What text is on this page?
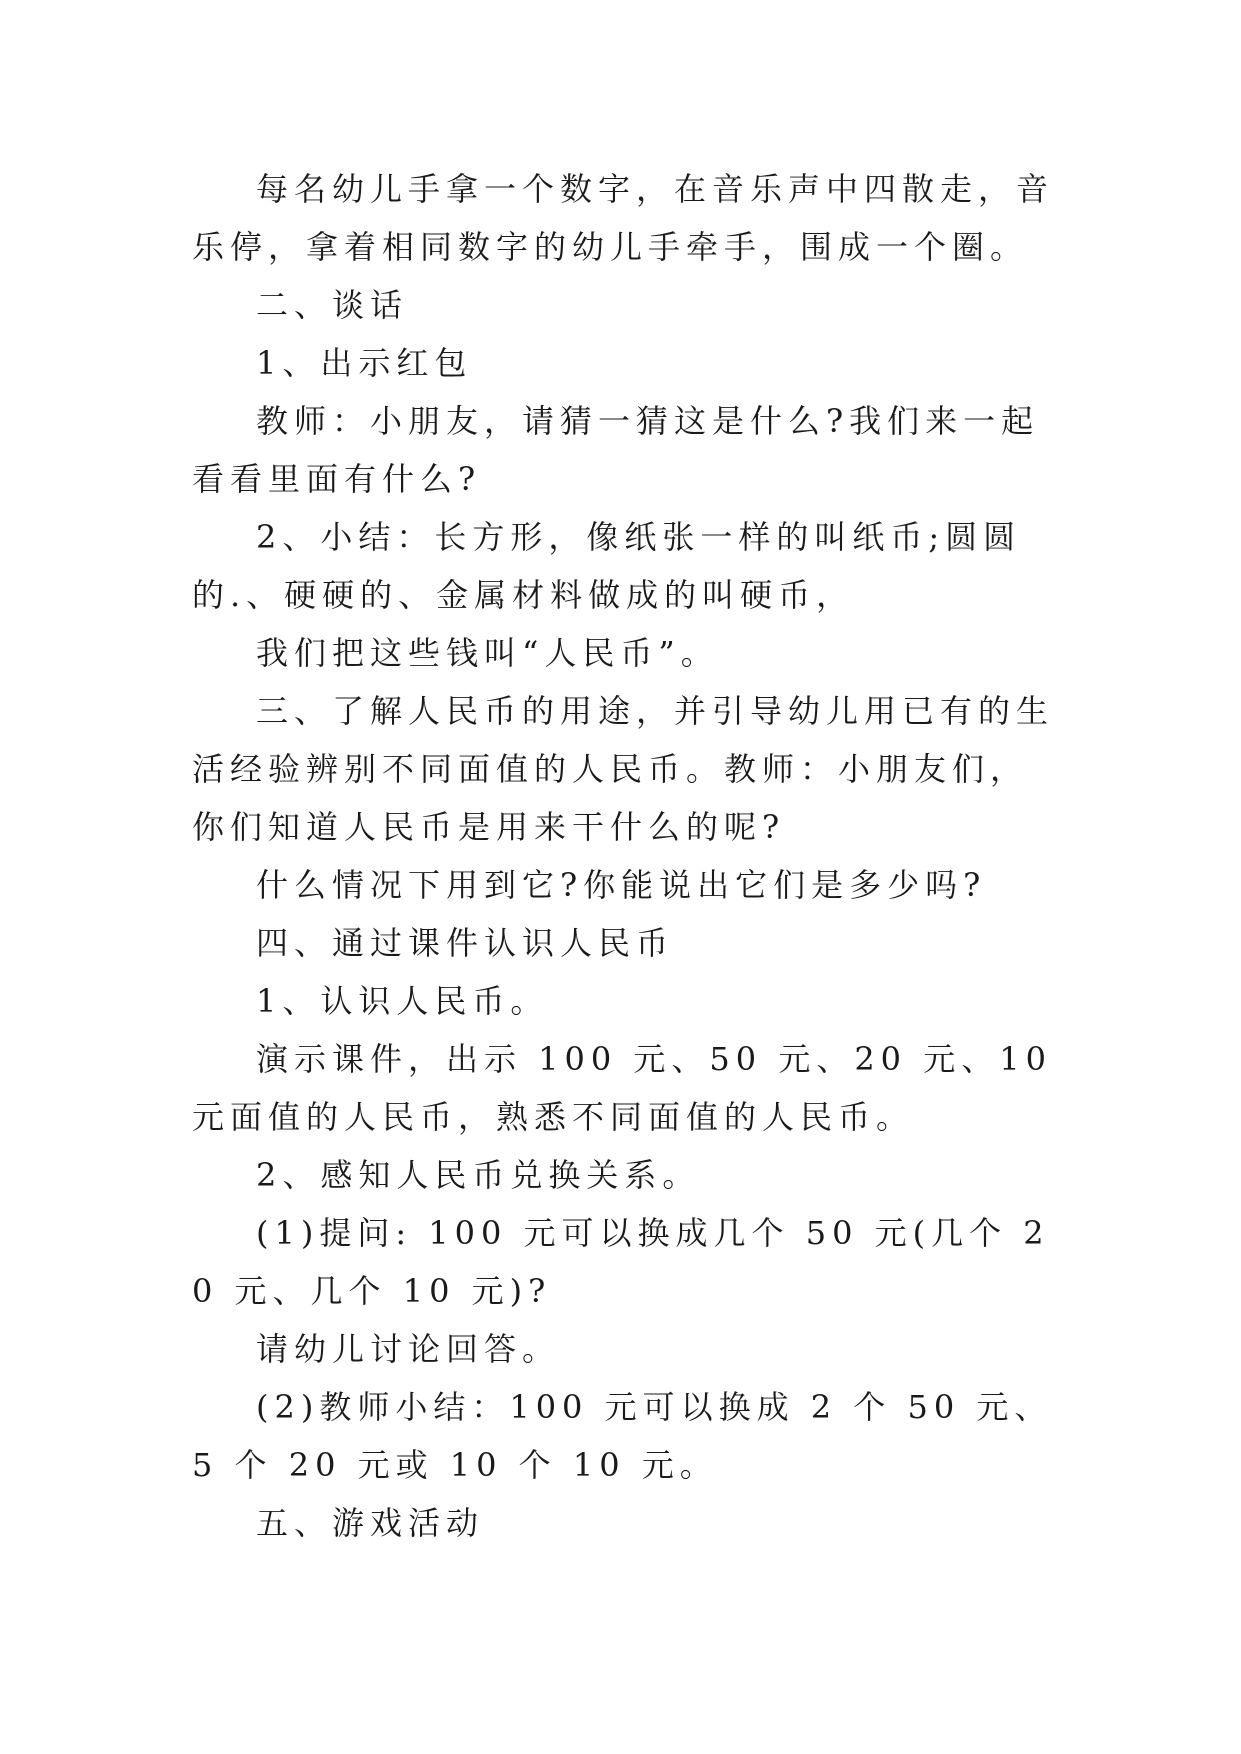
每名幼儿手拿一个数字，在音乐声中四散走，音乐停，拿着相同数字的幼儿手牵手，围成一个圈。

二、谈话

1、出示红包

教师：小朋友，请猜一猜这是什么?我们来一起看看里面有什么?

2、小结：长方形，像纸张一样的叫纸币;圆圆的.、硬硬的、金属材料做成的叫硬币，

我们把这些钱叫“人民币”。

三、了解人民币的用途，并引导幼儿用已有的生活经验辨别不同面值的人民币。教师：小朋友们，你们知道人民币是用来干什么的呢?

什么情况下用到它?你能说出它们是多少吗?

四、通过课件认识人民币

1、认识人民币。

演示课件，出示 100 元、50 元、20 元、10 元面值的人民币，熟悉不同面值的人民币。

2、感知人民币兑换关系。

(1)提问: 100 元可以换成几个 50 元(几个 20 元、几个 10 元)?

请幼儿讨论回答。

(2)教师小结：100 元可以换成 2 个 50 元、5 个 20 元或 10 个 10 元。

五、游戏活动
